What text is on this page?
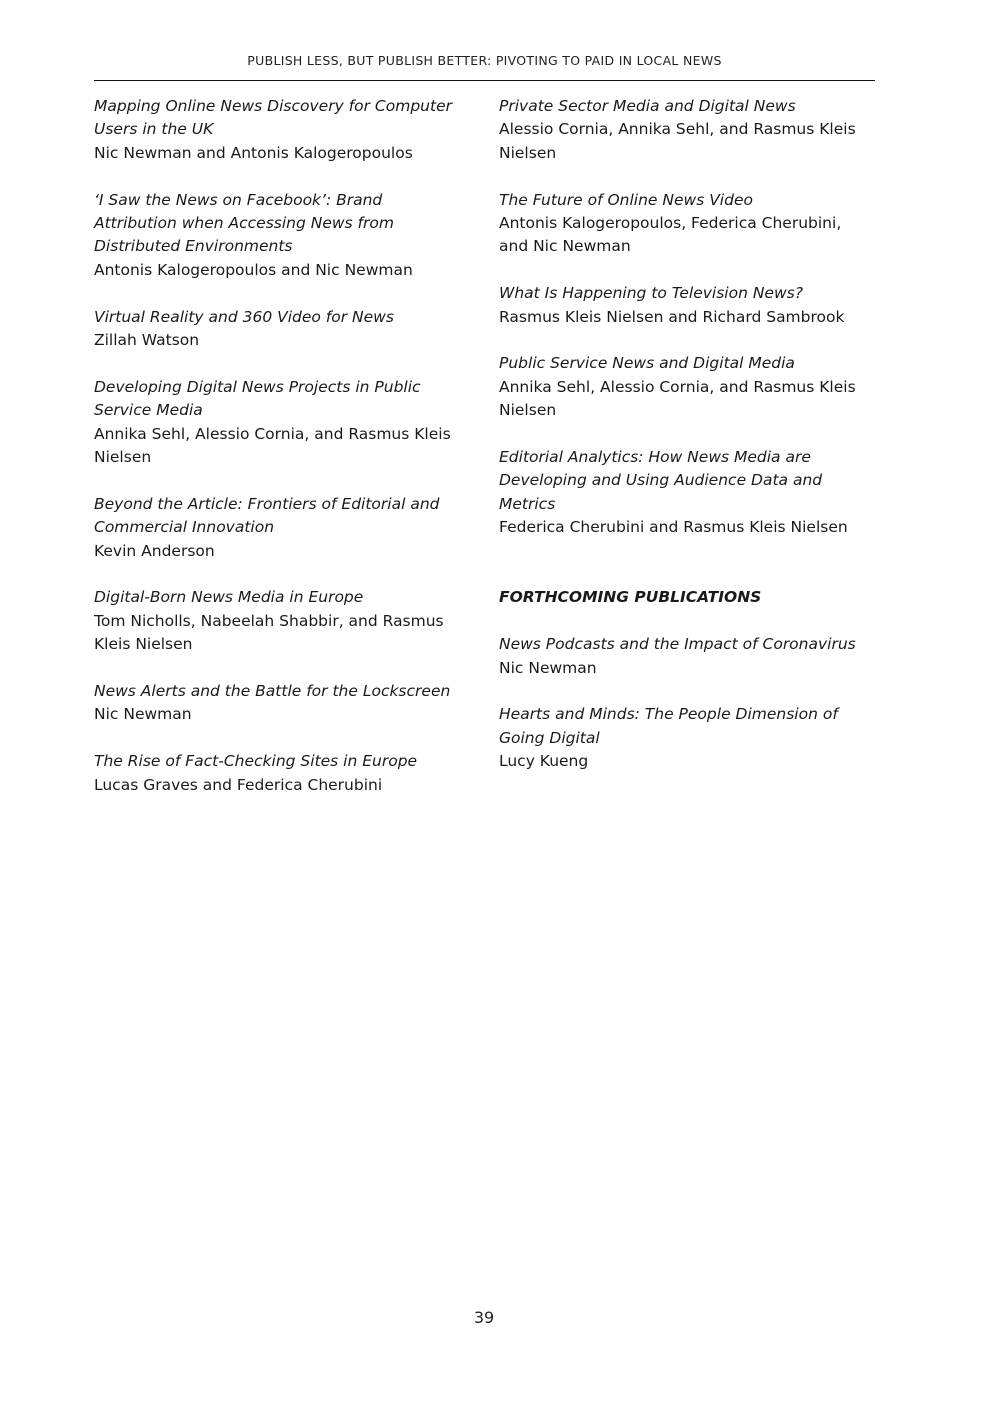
PUBLISH LESS, BUT PUBLISH BETTER: PIVOTING TO PAID IN LOCAL NEWS
Mapping Online News Discovery for Computer Users in the UK
Nic Newman and Antonis Kalogeropoulos
‘I Saw the News on Facebook’: Brand Attribution when Accessing News from Distributed Environments
Antonis Kalogeropoulos and Nic Newman
Virtual Reality and 360 Video for News
Zillah Watson
Developing Digital News Projects in Public Service Media
Annika Sehl, Alessio Cornia, and Rasmus Kleis Nielsen
Beyond the Article: Frontiers of Editorial and Commercial Innovation
Kevin Anderson
Digital-Born News Media in Europe
Tom Nicholls, Nabeelah Shabbir, and Rasmus Kleis Nielsen
News Alerts and the Battle for the Lockscreen
Nic Newman
The Rise of Fact-Checking Sites in Europe
Lucas Graves and Federica Cherubini
Private Sector Media and Digital News
Alessio Cornia, Annika Sehl, and Rasmus Kleis Nielsen
The Future of Online News Video
Antonis Kalogeropoulos, Federica Cherubini, and Nic Newman
What Is Happening to Television News?
Rasmus Kleis Nielsen and Richard Sambrook
Public Service News and Digital Media
Annika Sehl, Alessio Cornia, and Rasmus Kleis Nielsen
Editorial Analytics: How News Media are Developing and Using Audience Data and Metrics
Federica Cherubini and Rasmus Kleis Nielsen
FORTHCOMING PUBLICATIONS
News Podcasts and the Impact of Coronavirus
Nic Newman
Hearts and Minds: The People Dimension of Going Digital
Lucy Kueng
39
